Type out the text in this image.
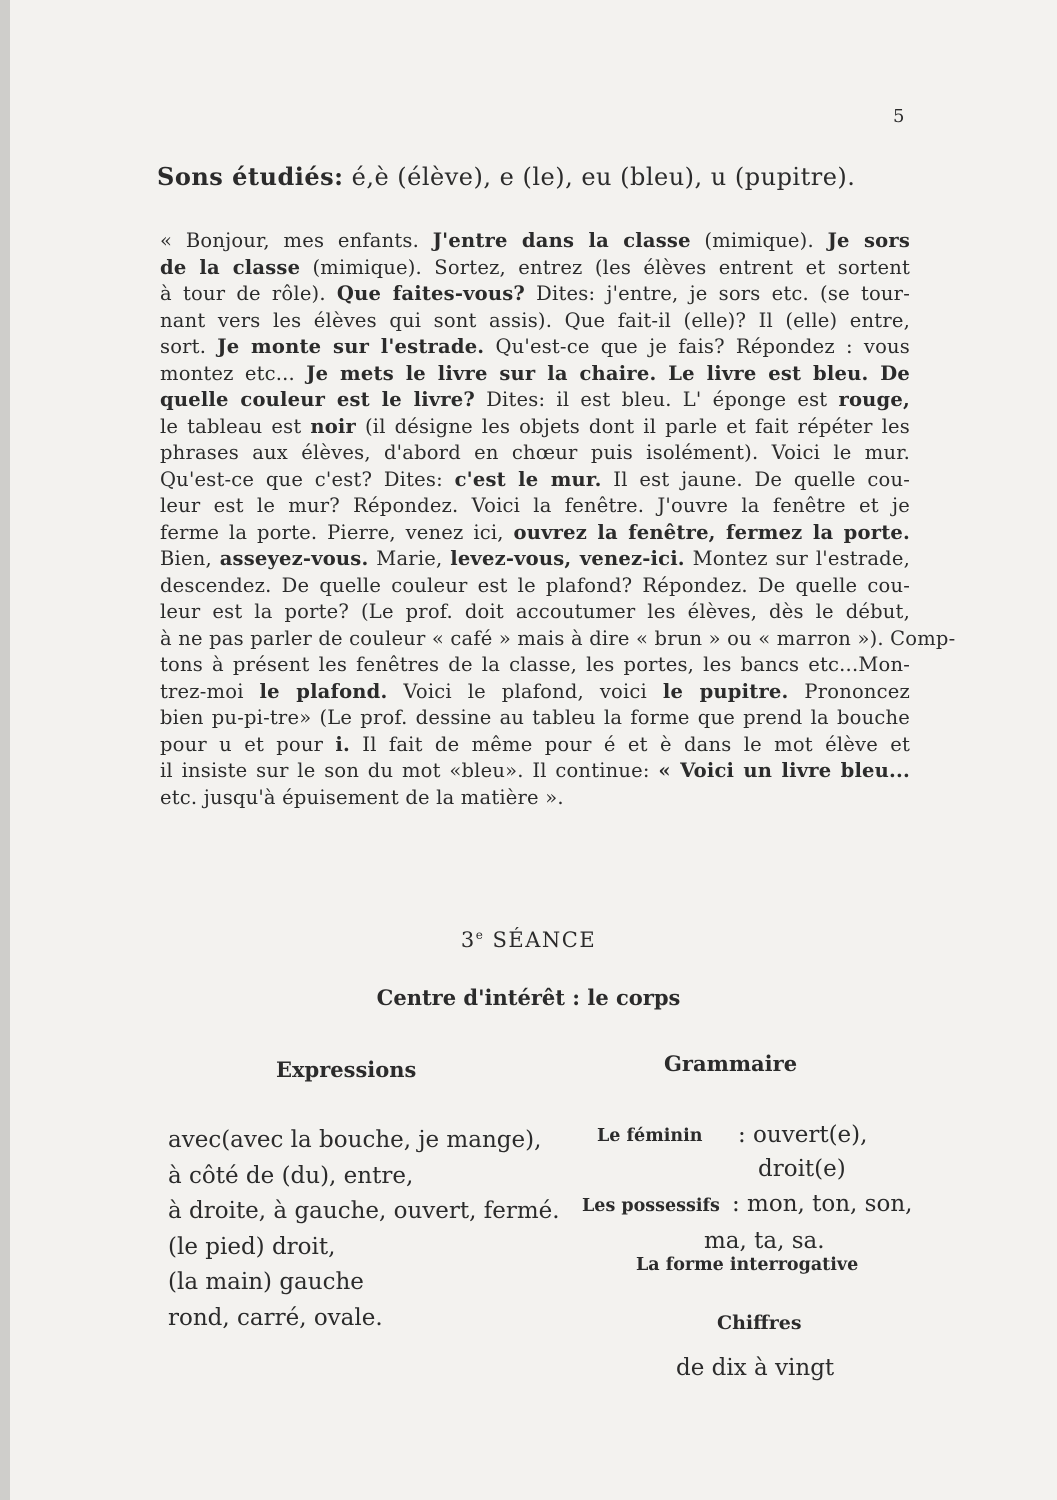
5
Sons étudiés: é,è (élève), e (le), eu (bleu), u (pupitre).
« Bonjour, mes enfants. J'entre dans la classe (mimique). Je sors
de la classe (mimique). Sortez, entrez (les élèves entrent et sortent
à tour de rôle). Que faites-vous? Dites: j'entre, je sors etc. (se tour-
nant vers les élèves qui sont assis). Que fait-il (elle)? Il (elle) entre,
sort. Je monte sur l'estrade. Qu'est-ce que je fais? Répondez : vous
montez etc... Je mets le livre sur la chaire. Le livre est bleu. De
quelle couleur est le livre? Dites: il est bleu. L' éponge est rouge,
le tableau est noir (il désigne les objets dont il parle et fait répéter les
phrases aux élèves, d'abord en chœur puis isolément). Voici le mur.
Qu'est-ce que c'est? Dites: c'est le mur. Il est jaune. De quelle cou-
leur est le mur? Répondez. Voici la fenêtre. J'ouvre la fenêtre et je
ferme la porte. Pierre, venez ici, ouvrez la fenêtre, fermez la porte.
Bien, asseyez-vous. Marie, levez-vous, venez-ici. Montez sur l'estrade,
descendez. De quelle couleur est le plafond? Répondez. De quelle cou-
leur est la porte? (Le prof. doit accoutumer les élèves, dès le début,
à ne pas parler de couleur « café » mais à dire « brun » ou « marron »). Comp-
tons à présent les fenêtres de la classe, les portes, les bancs etc...Mon-
trez-moi le plafond. Voici le plafond, voici le pupitre. Prononcez
bien pu-pi-tre» (Le prof. dessine au tableu la forme que prend la bouche
pour u et pour i. Il fait de même pour é et è dans le mot élève et
il insiste sur le son du mot «bleu». Il continue: « Voici un livre bleu...
etc. jusqu'à épuisement de la matière ».
3e SÉANCE
Centre d'intérêt : le corps
Expressions	Grammaire
avec(avec la bouche, je mange),
à côté de (du), entre,
à droite, à gauche, ouvert, fermé.
(le pied) droit,
(la main) gauche
rond, carré, ovale.
Le féminin : ouvert(e),
droit(e)
Les possessifs : mon, ton, son,
ma, ta, sa.
La forme interrogative
Chiffres
de dix à vingt
